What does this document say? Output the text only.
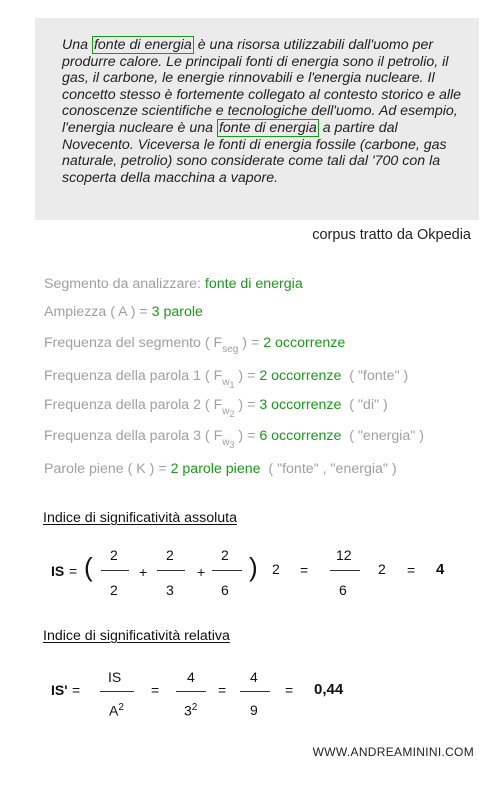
Una fonte di energia è una risorsa utilizzabili dall'uomo per produrre calore. Le principali fonti di energia sono il petrolio, il gas, il carbone, le energie rinnovabili e l'energia nucleare. Il concetto stesso è fortemente collegato al contesto storico e alle conoscenze scientifiche e tecnologiche dell'uomo. Ad esempio, l'energia nucleare è una fonte di energia a partire dal Novecento. Viceversa le fonti di energia fossile (carbone, gas naturale, petrolio) sono considerate come tali dal '700 con la scoperta della macchina a vapore.
corpus tratto da Okpedia
Segmento da analizzare: fonte di energia
Ampiezza ( A ) = 3 parole
Frequenza del segmento ( $F_{seg}$ ) = 2 occorrenze
Frequenza della parola 1 ( $F_{w1}$ ) = 2 occorrenze  ( "fonte" )
Frequenza della parola 2 ( $F_{w2}$ ) = 3 occorrenze  ( "di" )
Frequenza della parola 3 ( $F_{w3}$ ) = 6 occorrenze  ( "energia" )
Parole piene ( K ) = 2 parole piene  ( "fonte" , "energia" )
Indice di significatività assoluta
IS = ( 2
2
+
2
3
+
2
6
) 2 =
12
6
2 = 4
Indice di significatività relativa
IS' =
IS
$A^2$
=
4
$3^2$
=
4
9
= 0,44
WWW.ANDREAMININI.COM
